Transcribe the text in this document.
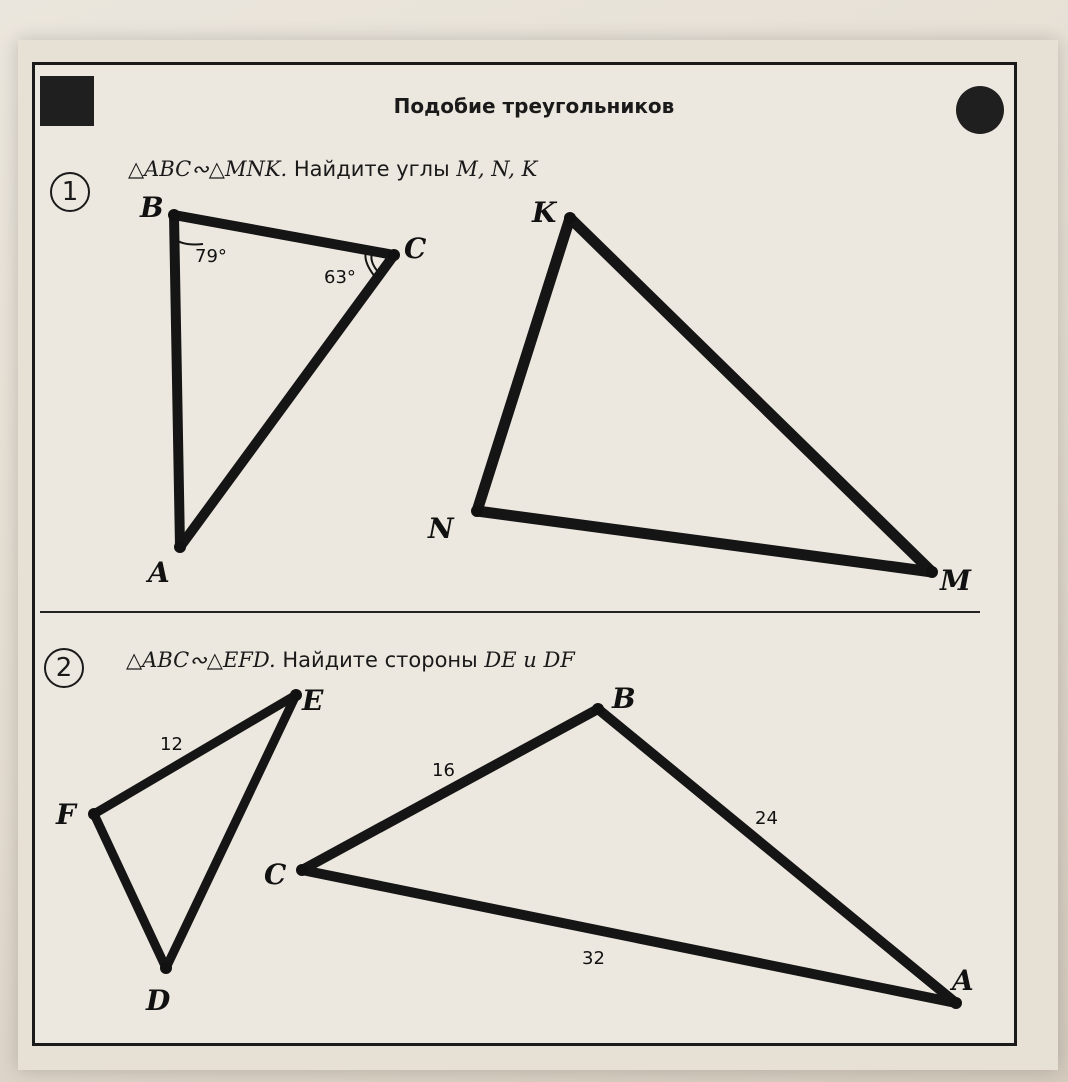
Подобие треугольников
1
△ABC∾△MNK. Найдите углы M, N, K
2	△ABC∾△EFD. Найдите стороны DE и DF
A
B
C
79°
63°
K
N
M
E
F
D
12
B
C
A
16
24
32
